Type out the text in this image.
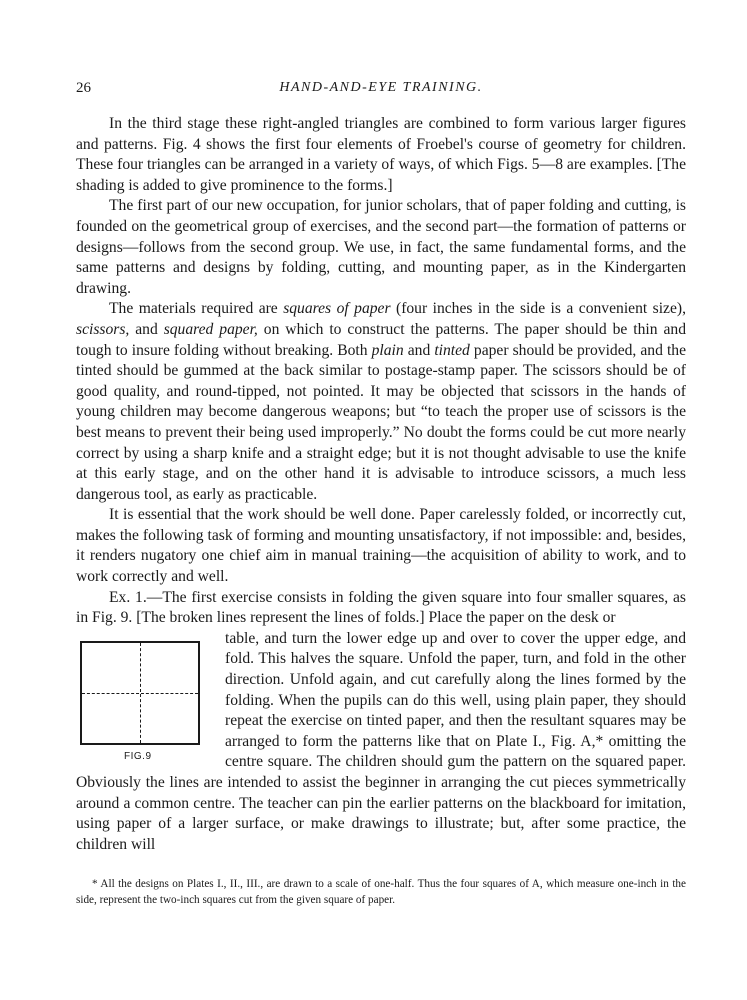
26	HAND-AND-EYE TRAINING.

In the third stage these right-angled triangles are combined to form various larger figures and patterns. Fig. 4 shows the first four elements of Froebel's course of geometry for children. These four triangles can be arranged in a variety of ways, of which Figs. 5—8 are examples. [The shading is added to give prominence to the forms.]

The first part of our new occupation, for junior scholars, that of paper folding and cutting, is founded on the geometrical group of exercises, and the second part—the formation of patterns or designs—follows from the second group. We use, in fact, the same fundamental forms, and the same patterns and designs by folding, cutting, and mounting paper, as in the Kindergarten drawing.

The materials required are squares of paper (four inches in the side is a convenient size), scissors, and squared paper, on which to construct the patterns. The paper should be thin and tough to insure folding without breaking. Both plain and tinted paper should be provided, and the tinted should be gummed at the back similar to postage-stamp paper. The scissors should be of good quality, and round-tipped, not pointed. It may be objected that scissors in the hands of young children may become dangerous weapons; but “to teach the proper use of scissors is the best means to prevent their being used improperly.” No doubt the forms could be cut more nearly correct by using a sharp knife and a straight edge; but it is not thought advisable to use the knife at this early stage, and on the other hand it is advisable to introduce scissors, a much less dangerous tool, as early as practicable.

It is essential that the work should be well done. Paper carelessly folded, or incorrectly cut, makes the following task of forming and mounting unsatisfactory, if not impossible: and, besides, it renders nugatory one chief aim in manual training—the acquisition of ability to work, and to work correctly and well.

Ex. 1.—The first exercise consists in folding the given square into four smaller squares, as in Fig. 9. [The broken lines represent the lines of folds.] Place the paper on the desk or

FIG.9

table, and turn the lower edge up and over to cover the upper edge, and fold. This halves the square. Unfold the paper, turn, and fold in the other direction. Unfold again, and cut carefully along the lines formed by the folding. When the pupils can do this well, using plain paper, they should repeat the exercise on tinted paper, and then the resultant squares may be arranged to form the patterns like that on Plate I., Fig. A,* omitting the centre square. The children should gum the pattern on the squared paper. Obviously the lines are intended to assist the beginner in arranging the cut pieces symmetrically around a common centre. The teacher can pin the earlier patterns on the blackboard for imitation, using paper of a larger surface, or make drawings to illustrate; but, after some practice, the children will

* All the designs on Plates I., II., III., are drawn to a scale of one-half. Thus the four squares of A, which measure one-inch in the side, represent the two-inch squares cut from the given square of paper.
